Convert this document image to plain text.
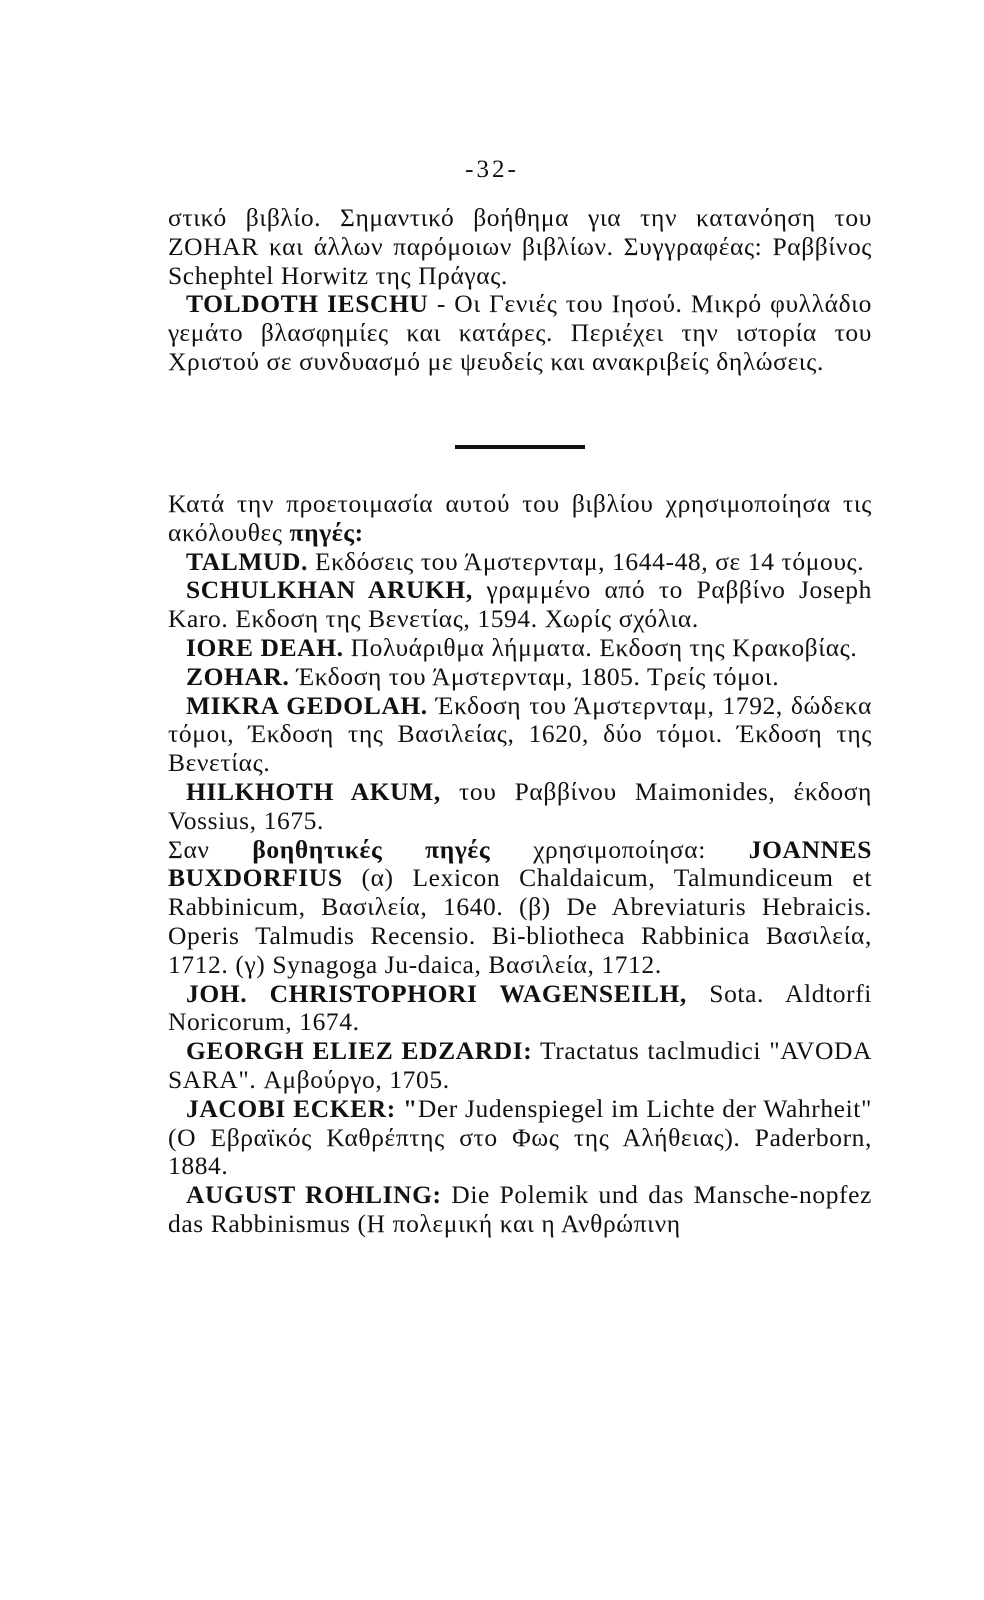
-32-

στικό βιβλίο. Σημαντικό βοήθημα για την κατανόηση του ZOHAR και άλλων παρόμοιων βιβλίων. Συγγραφέας: Ραββίνος Schephtel Horwitz της Πράγας.

TOLDOTH IESCHU - Οι Γενιές του Ιησού. Μικρό φυλλάδιο γεμάτο βλασφημίες και κατάρες. Περιέχει την ιστορία του Χριστού σε συνδυασμό με ψευδείς και ανακριβείς δηλώσεις.

Κατά την προετοιμασία αυτού του βιβλίου χρησιμοποίησα τις ακόλουθες πηγές:

TALMUD. Εκδόσεις του Άμστερνταμ, 1644-48, σε 14 τόμους.

SCHULKHAN ARUKH, γραμμένο από το Ραββίνο Joseph Karo. Εκδοση της Βενετίας, 1594. Χωρίς σχόλια.

IORE DEAH. Πολυάριθμα λήμματα. Εκδοση της Κρακοβίας.

ZOHAR. Έκδοση του Άμστερνταμ, 1805. Τρείς τόμοι.

MIKRA GEDOLAH. Έκδοση του Άμστερνταμ, 1792, δώδεκα τόμοι, Έκδοση της Βασιλείας, 1620, δύο τόμοι. Έκδοση της Βενετίας.

HILKHOTH AKUM, του Ραββίνου Maimonides, έκδοση Vossius, 1675.

Σαν βοηθητικές πηγές χρησιμοποίησα: JOANNES BUXDORFIUS (α) Lexicon Chaldaicum, Talmundiceum et Rabbinicum, Βασιλεία, 1640. (β) De Abreviaturis Hebraicis. Operis Talmudis Recensio. Bi-bliotheca Rabbinica Βασιλεία, 1712. (γ) Synagoga Ju-daica, Βασιλεία, 1712.

JOH. CHRISTOPHORI WAGENSEILH, Sota. Aldtorfi Noricorum, 1674.

GEORGH ELIEZ EDZARDI: Tractatus taclmudici "AVODA SARA". Αμβούργο, 1705.

JACOBI ECKER: "Der Judenspiegel im Lichte der Wahrheit" (Ο Εβραϊκός Καθρέπτης στο Φως της Αλήθειας). Paderborn, 1884.

AUGUST ROHLING: Die Polemik und das Mansche-nopfez das Rabbinismus (Η πολεμική και η Ανθρώπινη
